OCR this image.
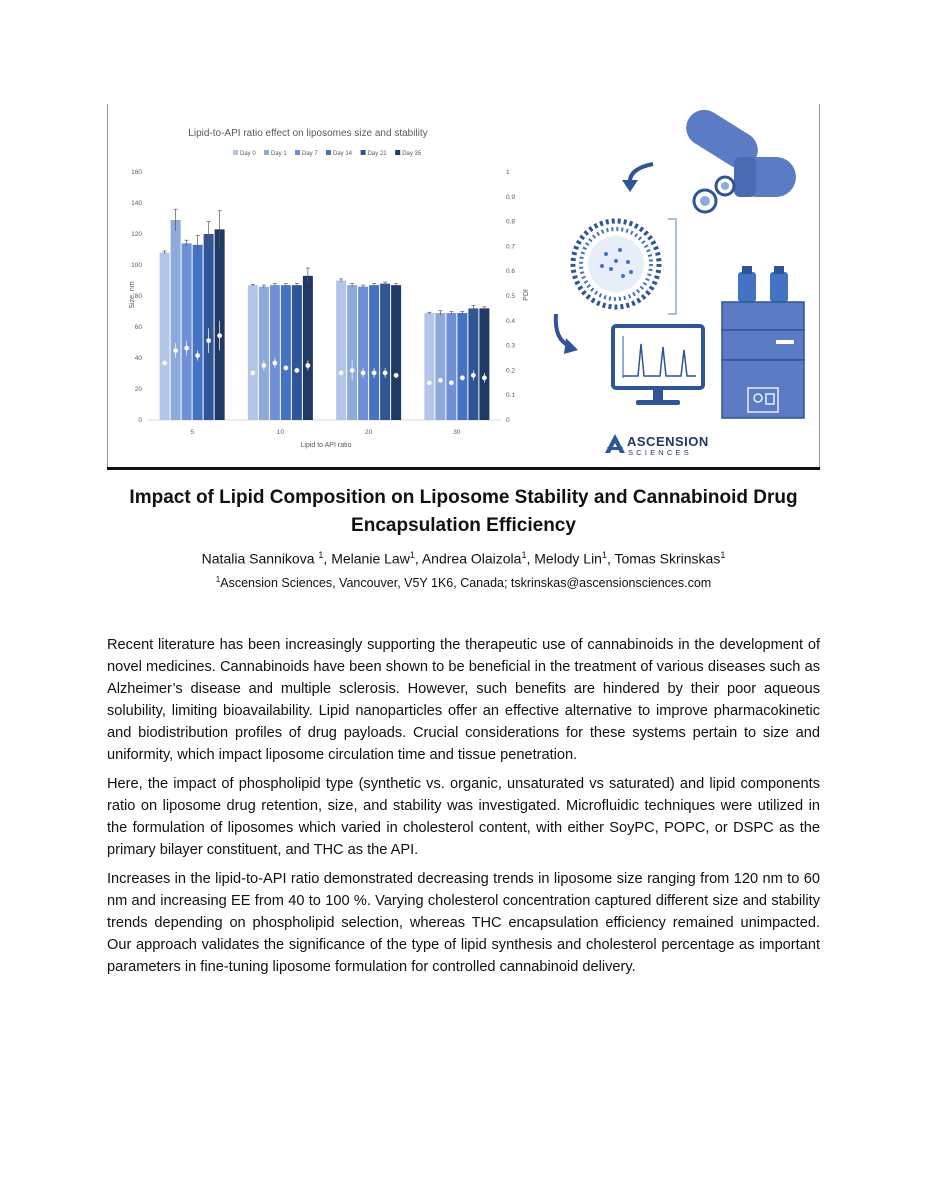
Lipid-to-API ratio effect on liposomes size and stability
Day 0	Day 1	Day 7	Day 14	Day 21	Day 35
0
20
40
60
80
100
120
140
160
0
0.1
0.2
0.3
0.4
0.5
0.6
0.7
0.8
0.9
1
5	10	20	30
Lipid to API ratio
Size, nm	PDI
ASCENSION
SCIENCES
Impact of Lipid Composition on Liposome Stability and Cannabinoid Drug Encapsulation Efficiency
Natalia Sannikova $^1$, Melanie Law$^1$, Andrea Olaizola$^1$, Melody Lin$^1$, Tomas Skrinskas$^1$
$^1$Ascension Sciences, Vancouver, V5Y 1K6, Canada; tskrinskas@ascensionsciences.com

Recent literature has been increasingly supporting the therapeutic use of cannabinoids in the development of novel medicines. Cannabinoids have been shown to be beneficial in the treatment of various diseases such as Alzheimer’s disease and multiple sclerosis. However, such benefits are hindered by their poor aqueous solubility, limiting bioavailability. Lipid nanoparticles offer an effective alternative to improve pharmacokinetic and biodistribution profiles of drug payloads. Crucial considerations for these systems pertain to size and uniformity, which impact liposome circulation time and tissue penetration.

Here, the impact of phospholipid type (synthetic vs. organic, unsaturated vs saturated) and lipid components ratio on liposome drug retention, size, and stability was investigated. Microfluidic techniques were utilized in the formulation of liposomes which varied in cholesterol content, with either SoyPC, POPC, or DSPC as the primary bilayer constituent, and THC as the API.

Increases in the lipid-to-API ratio demonstrated decreasing trends in liposome size ranging from 120 nm to 60 nm and increasing EE from 40 to 100 %. Varying cholesterol concentration captured different size and stability trends depending on phospholipid selection, whereas THC encapsulation efficiency remained unimpacted. Our approach validates the significance of the type of lipid synthesis and cholesterol percentage as important parameters in fine-tuning liposome formulation for controlled cannabinoid delivery.
